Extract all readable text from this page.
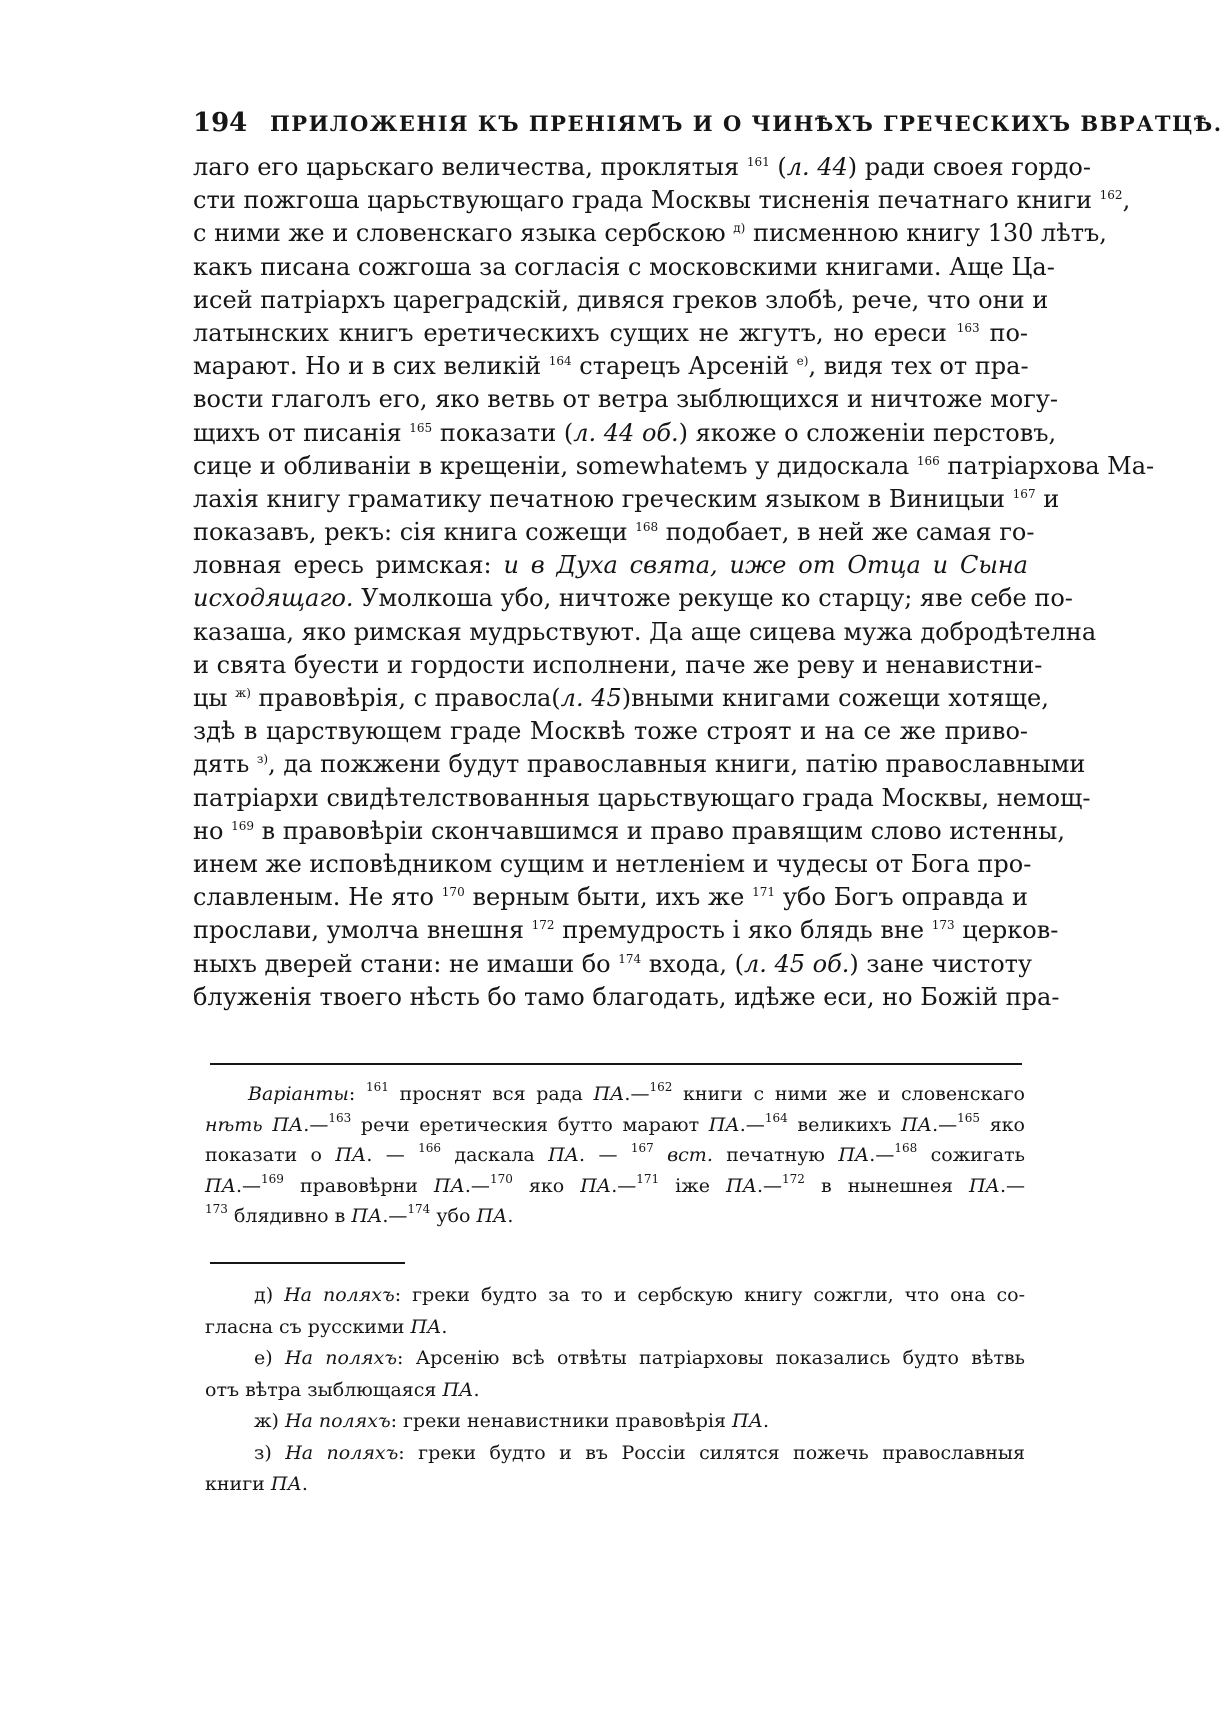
194 ПРИЛОЖЕНІЯ КЪ ПРЕНІЯМЪ И О ЧИНѢХЪ ГРЕЧЕСКИХЪ ВВРАТЦѢ.
лаго его царьскаго величества, проклятыя $^{161}$ (л. 44) ради своея гордо-
сти пожгоша царьствующаго града Москвы тисненія печатнаго книги $^{162}$,
с ними же и словенскаго языка сербскою $^{д)}$ писменною книгу 130 лѣтъ,
какъ писана сожгоша за согласія с московскими книгами. Аще Ца-
исей патріархъ цареградскій, дивяся греков злобѣ, рече, что они и
латынских книгъ еретическихъ сущих не жгутъ, но ереси $^{163}$ по-
марают. Но и в сих великій $^{164}$ старецъ Арсеній $^{е)}$, видя тех от пра-
вости глаголъ его, яко ветвь от ветра зыблющихся и ничтоже могу-
щихъ от писанія $^{165}$ показати (л. 44 об.) якоже о сложеніи перстовъ,
сице и обливаніи в крещеніи, somewhatемъ у дидоскала $^{166}$ патріархова Ма-
лахія книгу граматику печатною греческим языком в Виницыи $^{167}$ и
показавъ, рекъ: сія книга сожещи $^{168}$ подобает, в ней же самая го-
ловная ересь римская: и в Духа свята, иже от Отца и Сына
исходящаго. Умолкоша убо, ничтоже рекуще ко старцу; яве себе по-
казаша, яко римская мудрьствуют. Да аще сицева мужа добродѣтелна
и свята буести и гордости исполнени, паче же реву и ненавистни-
цы $^{ж)}$ правовѣрія, с правосла(л. 45)вными книгами сожещи хотяще,
здѣ в царствующем граде Москвѣ тоже строят и на се же приво-
дять $^{з)}$, да пожжени будут православныя книги, патію православными
патріархи свидѣтелствованныя царьствующаго града Москвы, немощ-
но $^{169}$ в правовѣріи скончавшимся и право правящим слово истенны,
инем же исповѣдником сущим и нетленіем и чудесы от Бога про-
славленым. Не ято $^{170}$ верным быти, ихъ же $^{171}$ убо Богъ оправда и
прослави, умолча внешня $^{172}$ премудрость і яко блядь вне $^{173}$ церков-
ныхъ дверей стани: не имаши бо $^{174}$ входа, (л. 45 об.) зане чистоту
блуженія твоего нѣсть бо тамо благодать, идѣже еси, но Божій пра-
Варіанты: $^{161}$ проснят вся рада ПА.—$^{162}$ книги с ними же и словенскаго
нѣть ПА.—$^{163}$ речи еретическия бутто марают ПА.—$^{164}$ великихъ ПА.—$^{165}$ яко
показати о ПА. — $^{166}$ даскала ПА. — $^{167}$ вст. печатную ПА.—$^{168}$ сожигать
ПА.—$^{169}$ правовѣрни ПА.—$^{170}$ яко ПА.—$^{171}$ іже ПА.—$^{172}$ в нынешнея ПА.—
$^{173}$ блядивно в ПА.—$^{174}$ убо ПА.
д) На поляхъ: греки будто за то и сербскую книгу сожгли, что она со-
гласна съ русскими ПА.
е) На поляхъ: Арсенію всѣ отвѣты патріарховы показались будто вѣтвь
отъ вѣтра зыблющаяся ПА.
ж) На поляхъ: греки ненавистники правовѣрія ПА.
з) На поляхъ: греки будто и въ Россіи силятся пожечь православныя
книги ПА.
